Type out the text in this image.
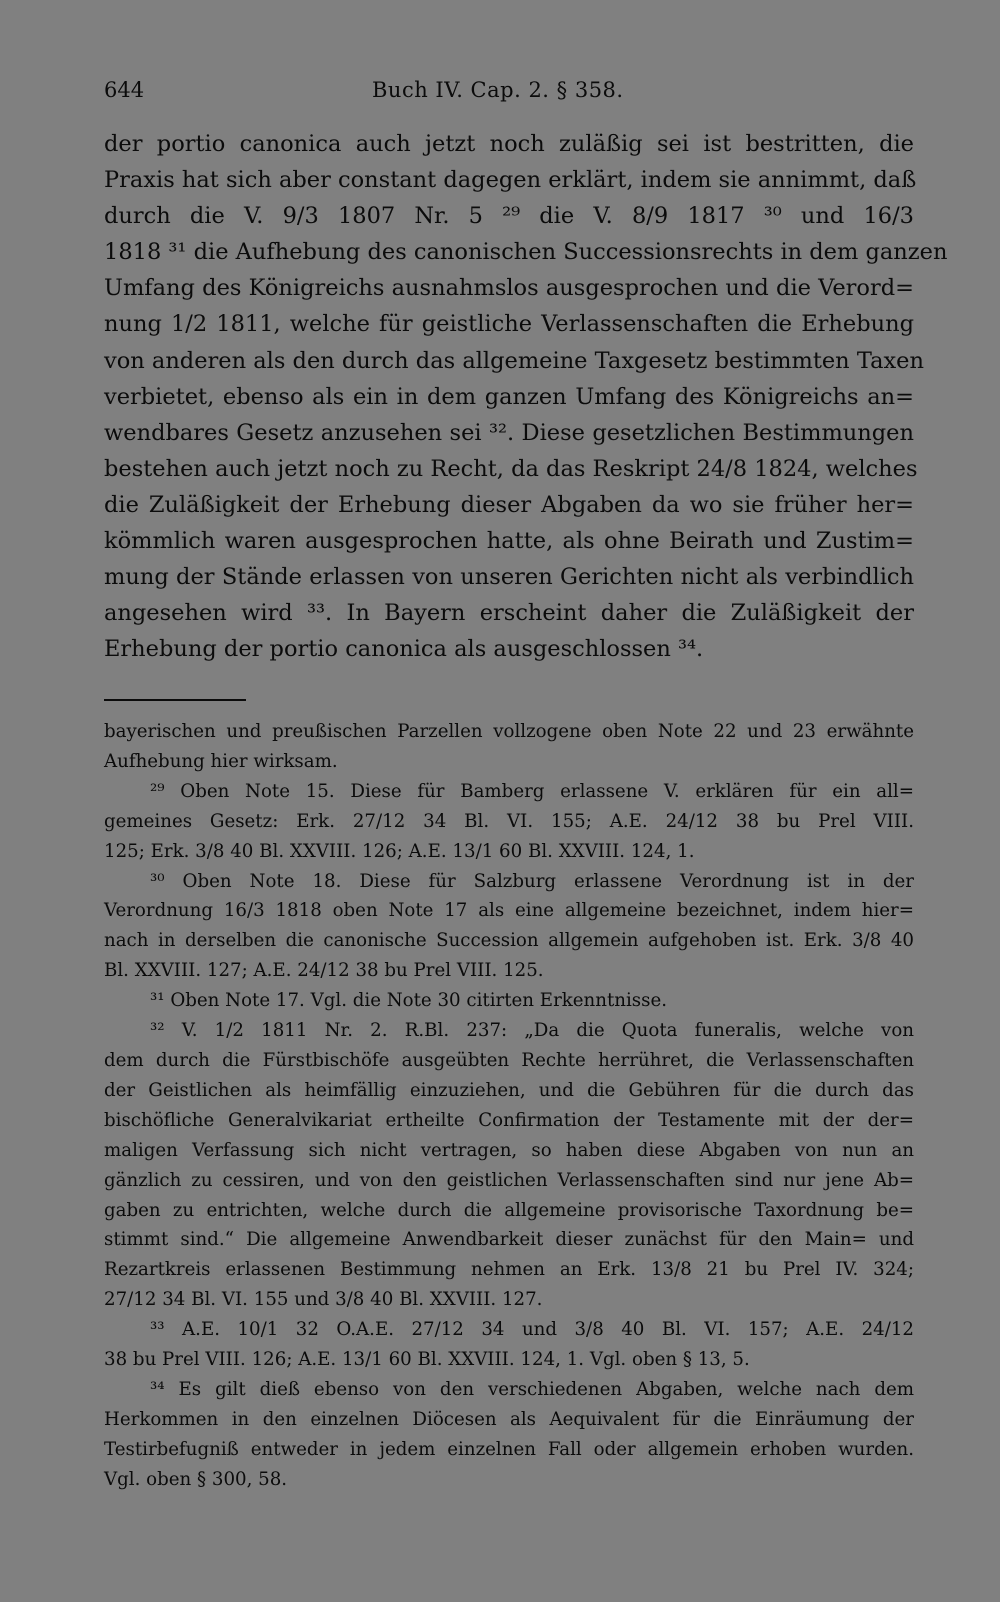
644	Buch IV. Cap. 2. § 358.
der portio canonica auch jetzt noch zuläßig sei ist bestritten, die
Praxis hat sich aber constant dagegen erklärt, indem sie annimmt, daß
durch die V. 9/3 1807 Nr. 5 ²⁹ die V. 8/9 1817 ³⁰ und 16/3
1818 ³¹ die Aufhebung des canonischen Successionsrechts in dem ganzen
Umfang des Königreichs ausnahmslos ausgesprochen und die Verord=
nung 1/2 1811, welche für geistliche Verlassenschaften die Erhebung
von anderen als den durch das allgemeine Taxgesetz bestimmten Taxen
verbietet, ebenso als ein in dem ganzen Umfang des Königreichs an=
wendbares Gesetz anzusehen sei ³². Diese gesetzlichen Bestimmungen
bestehen auch jetzt noch zu Recht, da das Reskript 24/8 1824, welches
die Zuläßigkeit der Erhebung dieser Abgaben da wo sie früher her=
kömmlich waren ausgesprochen hatte, als ohne Beirath und Zustim=
mung der Stände erlassen von unseren Gerichten nicht als verbindlich
angesehen wird ³³. In Bayern erscheint daher die Zuläßigkeit der
Erhebung der portio canonica als ausgeschlossen ³⁴.
bayerischen und preußischen Parzellen vollzogene oben Note 22 und 23 erwähnte
Aufhebung hier wirksam.
²⁹ Oben Note 15. Diese für Bamberg erlassene V. erklären für ein all=
gemeines Gesetz: Erk. 27/12 34 Bl. VI. 155; A.E. 24/12 38 bu Prel VIII.
125; Erk. 3/8 40 Bl. XXVIII. 126; A.E. 13/1 60 Bl. XXVIII. 124, 1.
³⁰ Oben Note 18. Diese für Salzburg erlassene Verordnung ist in der
Verordnung 16/3 1818 oben Note 17 als eine allgemeine bezeichnet, indem hier=
nach in derselben die canonische Succession allgemein aufgehoben ist. Erk. 3/8 40
Bl. XXVIII. 127; A.E. 24/12 38 bu Prel VIII. 125.
³¹ Oben Note 17. Vgl. die Note 30 citirten Erkenntnisse.
³² V. 1/2 1811 Nr. 2. R.Bl. 237: „Da die Quota funeralis, welche von
dem durch die Fürstbischöfe ausgeübten Rechte herrühret, die Verlassenschaften
der Geistlichen als heimfällig einzuziehen, und die Gebühren für die durch das
bischöfliche Generalvikariat ertheilte Confirmation der Testamente mit der der=
maligen Verfassung sich nicht vertragen, so haben diese Abgaben von nun an
gänzlich zu cessiren, und von den geistlichen Verlassenschaften sind nur jene Ab=
gaben zu entrichten, welche durch die allgemeine provisorische Taxordnung be=
stimmt sind.“ Die allgemeine Anwendbarkeit dieser zunächst für den Main= und
Rezartkreis erlassenen Bestimmung nehmen an Erk. 13/8 21 bu Prel IV. 324;
27/12 34 Bl. VI. 155 und 3/8 40 Bl. XXVIII. 127.
³³ A.E. 10/1 32 O.A.E. 27/12 34 und 3/8 40 Bl. VI. 157; A.E. 24/12
38 bu Prel VIII. 126; A.E. 13/1 60 Bl. XXVIII. 124, 1. Vgl. oben § 13, 5.
³⁴ Es gilt dieß ebenso von den verschiedenen Abgaben, welche nach dem
Herkommen in den einzelnen Diöcesen als Aequivalent für die Einräumung der
Testirbefugniß entweder in jedem einzelnen Fall oder allgemein erhoben wurden.
Vgl. oben § 300, 58.
